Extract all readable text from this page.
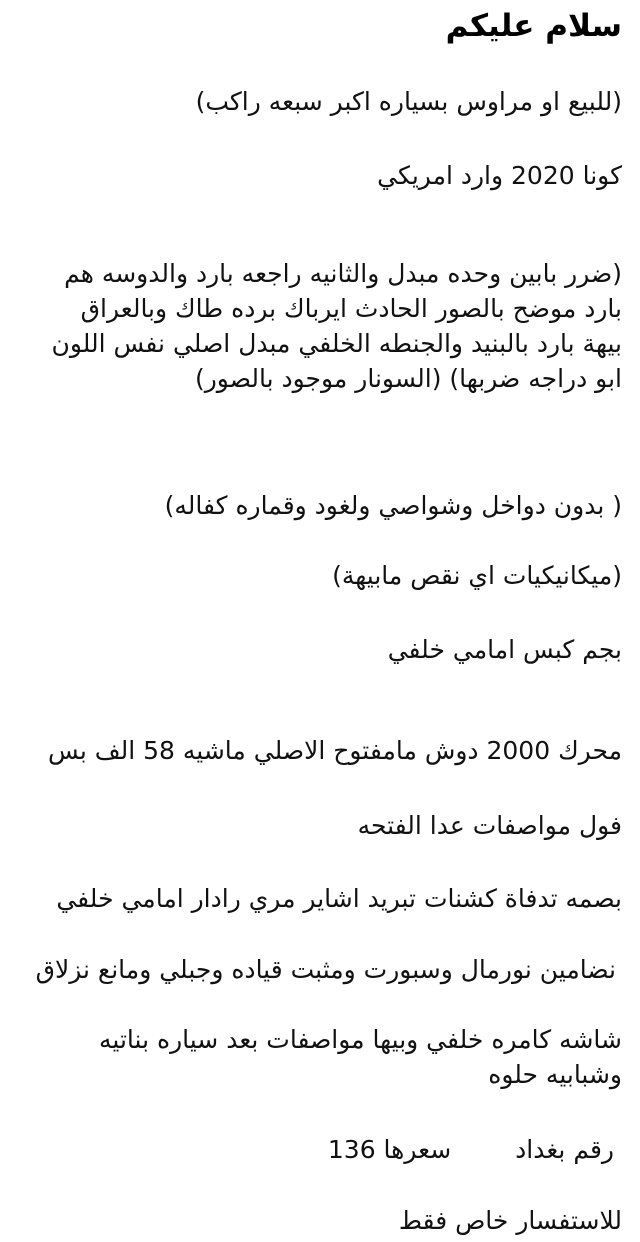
سلام عليكم
(للبيع او مراوس بسياره اكبر سبعه راكب)
كونا 2020 وارد امريكي
(ضرر بابين وحده مبدل والثانيه راجعه بارد والدوسه هم بارد موضح بالصور الحادث ايرباك برده طاك وبالعراق بيهة بارد بالبنيد والجنطه الخلفي مبدل اصلي نفس اللون ابو دراجه ضربها) (السونار موجود بالصور)
( بدون دواخل وشواصي ولغود وقماره كفاله)
(ميكانيكيات اي نقص مابيهة)
بجم كبس امامي خلفي
محرك 2000 دوش مامفتوح الاصلي ماشيه 58 الف بس
فول مواصفات عدا الفتحه
بصمه تدفاة كشنات تبريد اشاير مري رادار امامي خلفي
نضامين نورمال وسبورت ومثبت قياده وجبلي ومانع نزلاق
شاشه كامره خلفي وبيها مواصفات بعد سياره بناتيه وشبابيه حلوه
رقم بغداد
سعرها 136
للاستفسار خاص فقط
